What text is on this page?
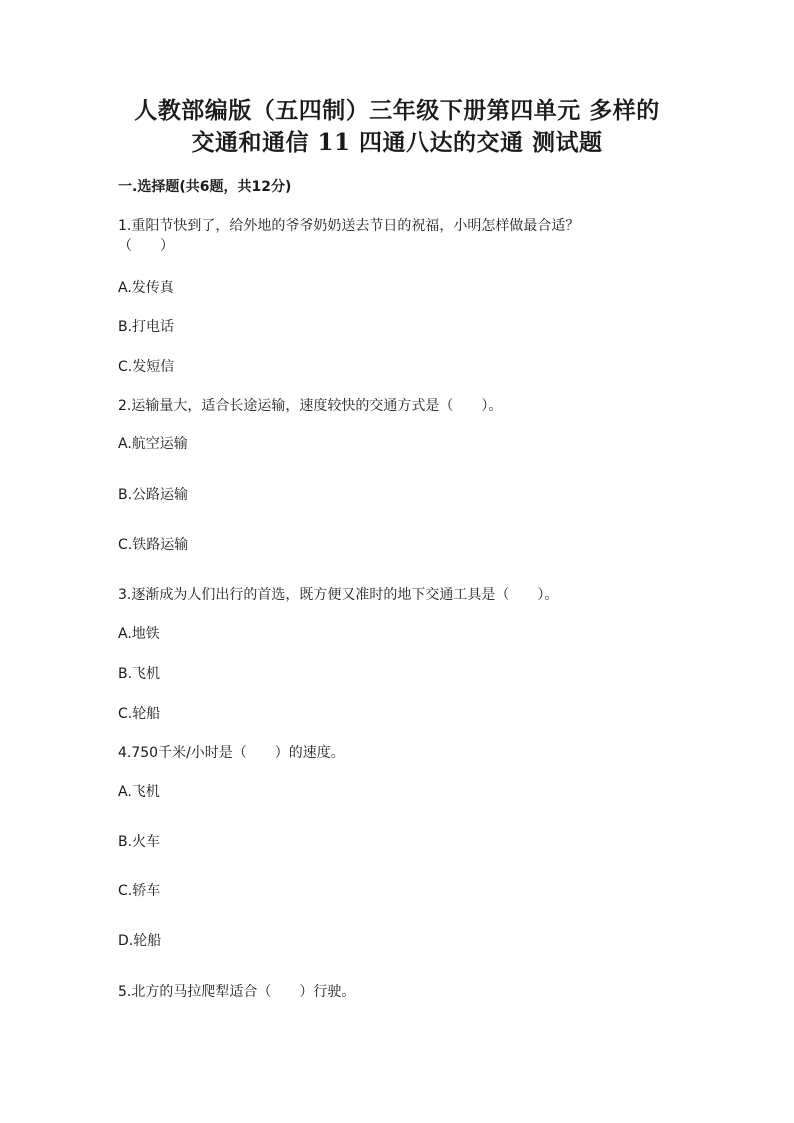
人教部编版（五四制）三年级下册第四单元 多样的
交通和通信 11 四通八达的交通 测试题
一.选择题(共6题，共12分)
1.重阳节快到了，给外地的爷爷奶奶送去节日的祝福，小明怎样做最合适？
（　　）
A.发传真
B.打电话
C.发短信
2.运输量大，适合长途运输，速度较快的交通方式是（　　）。
A.航空运输
B.公路运输
C.铁路运输
3.逐渐成为人们出行的首选，既方便又准时的地下交通工具是（　　）。
A.地铁
B.飞机
C.轮船
4.750千米/小时是（　　）的速度。
A.飞机
B.火车
C.轿车
D.轮船
5.北方的马拉爬犁适合（　　）行驶。
